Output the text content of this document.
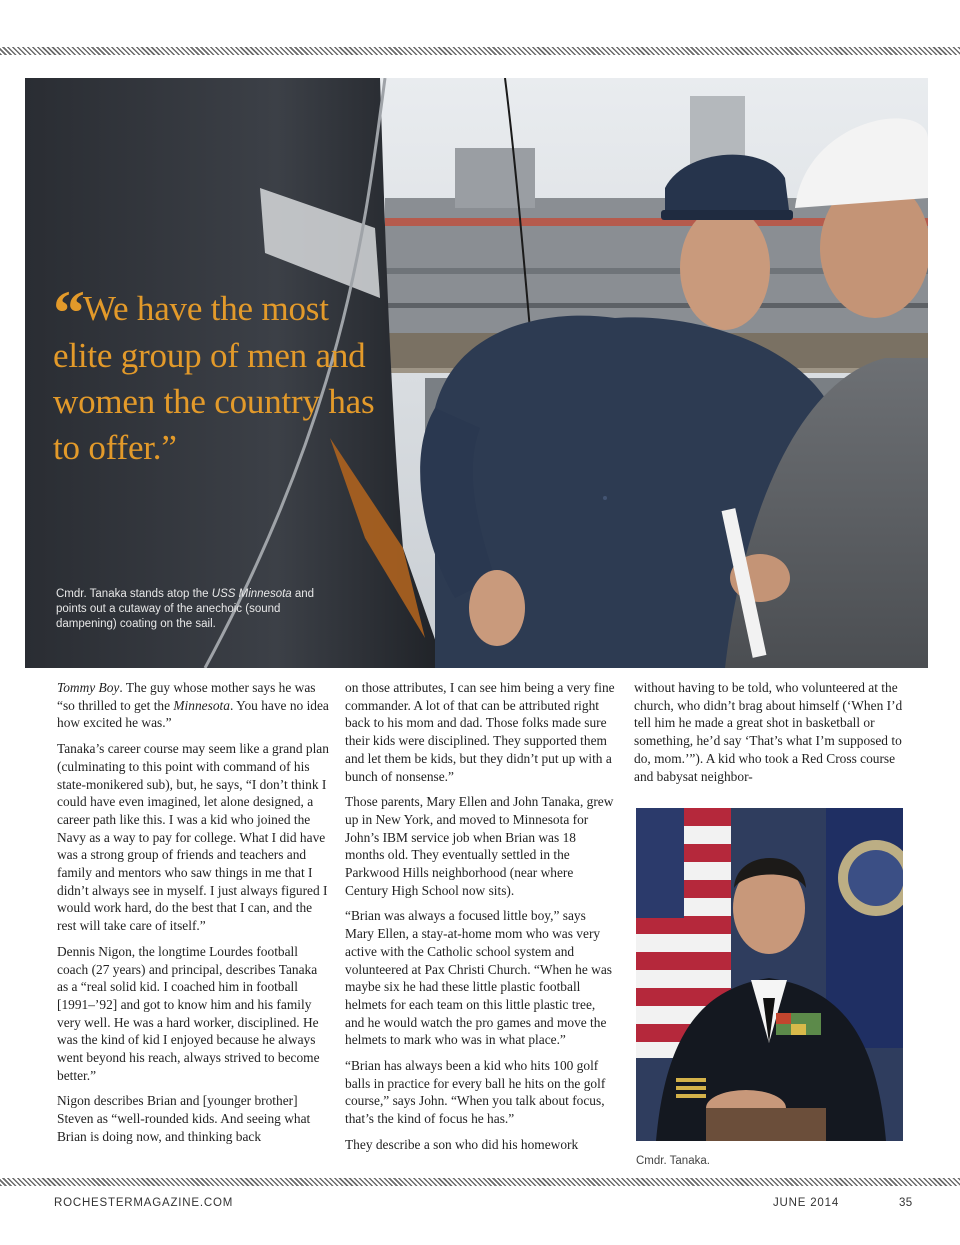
“ We have the most elite group of men and women the country has to offer.”
Cmdr. Tanaka stands atop the USS Minnesota and points out a cutaway of the anechoic (sound dampening) coating on the sail.

Tommy Boy. The guy whose mother says he was “so thrilled to get the Minnesota. You have no idea how excited he was.”

Tanaka’s career course may seem like a grand plan (culminating to this point with command of his state-monikered sub), but, he says, “I don’t think I could have even imagined, let alone designed, a career path like this. I was a kid who joined the Navy as a way to pay for college. What I did have was a strong group of friends and teachers and family and mentors who saw things in me that I didn’t always see in myself. I just always figured I would work hard, do the best that I can, and the rest will take care of itself.”

Dennis Nigon, the longtime Lourdes football coach (27 years) and principal, describes Tanaka as a “real solid kid. I coached him in football [1991–’92] and got to know him and his family very well. He was a hard worker, disciplined. He was the kind of kid I enjoyed because he always went beyond his reach, always strived to become better.”

Nigon describes Brian and [younger brother] Steven as “well-rounded kids. And seeing what Brian is doing now, and thinking back

on those attributes, I can see him being a very fine commander. A lot of that can be attributed right back to his mom and dad. Those folks made sure their kids were disciplined. They supported them and let them be kids, but they didn’t put up with a bunch of nonsense.”

Those parents, Mary Ellen and John Tanaka, grew up in New York, and moved to Minnesota for John’s IBM service job when Brian was 18 months old. They eventually settled in the Parkwood Hills neighborhood (near where Century High School now sits).

“Brian was always a focused little boy,” says Mary Ellen, a stay-at-home mom who was very active with the Catholic school system and volunteered at Pax Christi Church. “When he was maybe six he had these little plastic football helmets for each team on this little plastic tree, and he would watch the pro games and move the helmets to mark who was in what place.”

“Brian has always been a kid who hits 100 golf balls in practice for every ball he hits on the golf course,” says John. “When you talk about focus, that’s the kind of focus he has.”

They describe a son who did his homework

without having to be told, who volunteered at the church, who didn’t brag about himself (‘When I’d tell him he made a great shot in basketball or something, he’d say ‘That’s what I’m supposed to do, mom.’”). A kid who took a Red Cross course and babysat neighbor-

Cmdr. Tanaka.
ROCHESTERMAGAZINE.COM	JUNE 2014	35
